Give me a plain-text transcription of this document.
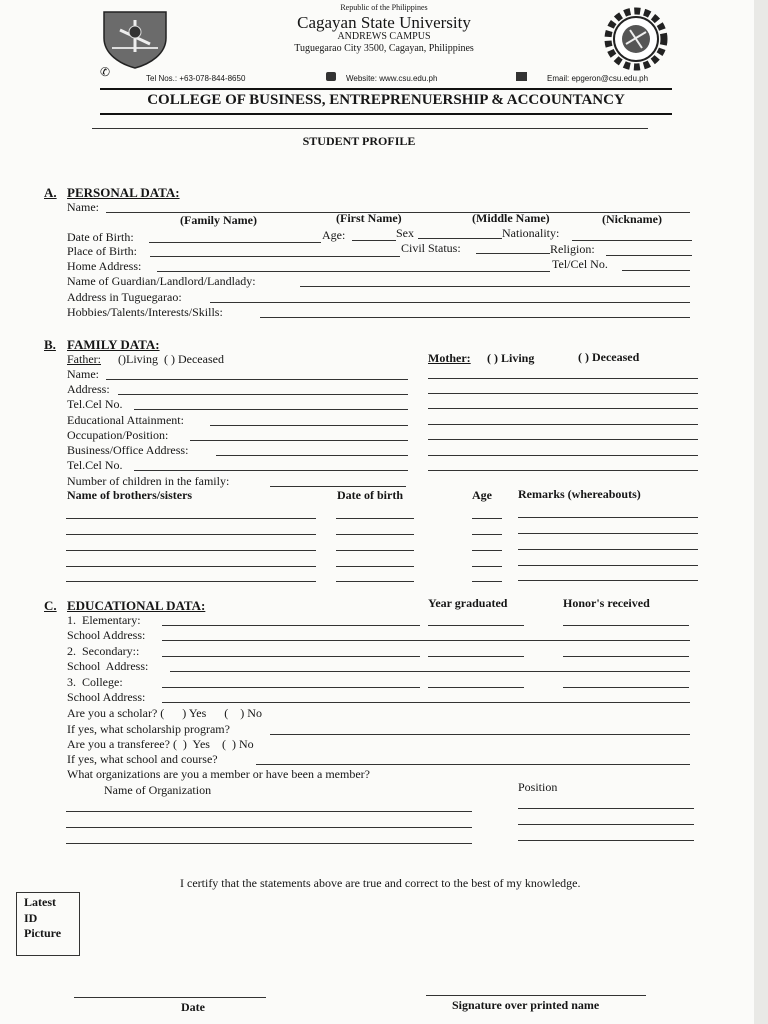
Republic of the Philippines
Cagayan State University
ANDREWS CAMPUS
Tuguegarao City 3500, Cagayan, Philippines
✆	Tel Nos.: +63-078-844-8650	Website: www.csu.edu.ph	Email: epgeron@csu.edu.ph
COLLEGE OF BUSINESS, ENTREPRENUERSHIP & ACCOUNTANCY
STUDENT PROFILE
A. PERSONAL DATA:
Name:
(Family Name)	(First Name)	(Middle Name)	(Nickname)
Date of Birth:	Age:	Sex	Nationality:
Place of Birth:	Civil Status:	Religion:
Home Address:	Tel/Cel No.
Name of Guardian/Landlord/Landlady:
Address in Tuguegarao:
Hobbies/Talents/Interests/Skills:
B. FAMILY DATA:
Father: ()Living  ( ) Deceased	Mother: ( ) Living	( ) Deceased
Name:
Address:
Tel.Cel No.
Educational Attainment:
Occupation/Position:
Business/Office Address:
Tel.Cel No.
Number of children in the family:
Name of brothers/sisters	Date of birth	Age Remarks (whereabouts)
C. EDUCATIONAL DATA:	Year graduated	Honor's received
1.  Elementary:
School Address:
2.  Secondary::
School  Address:
3.  College:
School Address:
Are you a scholar? (      ) Yes      (    ) No
If yes, what scholarship program?
Are you a transferee? (  )  Yes    (  ) No
If yes, what school and course?
What organizations are you a member or have been a member?
Name of Organization	Position
I certify that the statements above are true and correct to the best of my knowledge.
Latest
ID
Picture
Date	Signature over printed name
